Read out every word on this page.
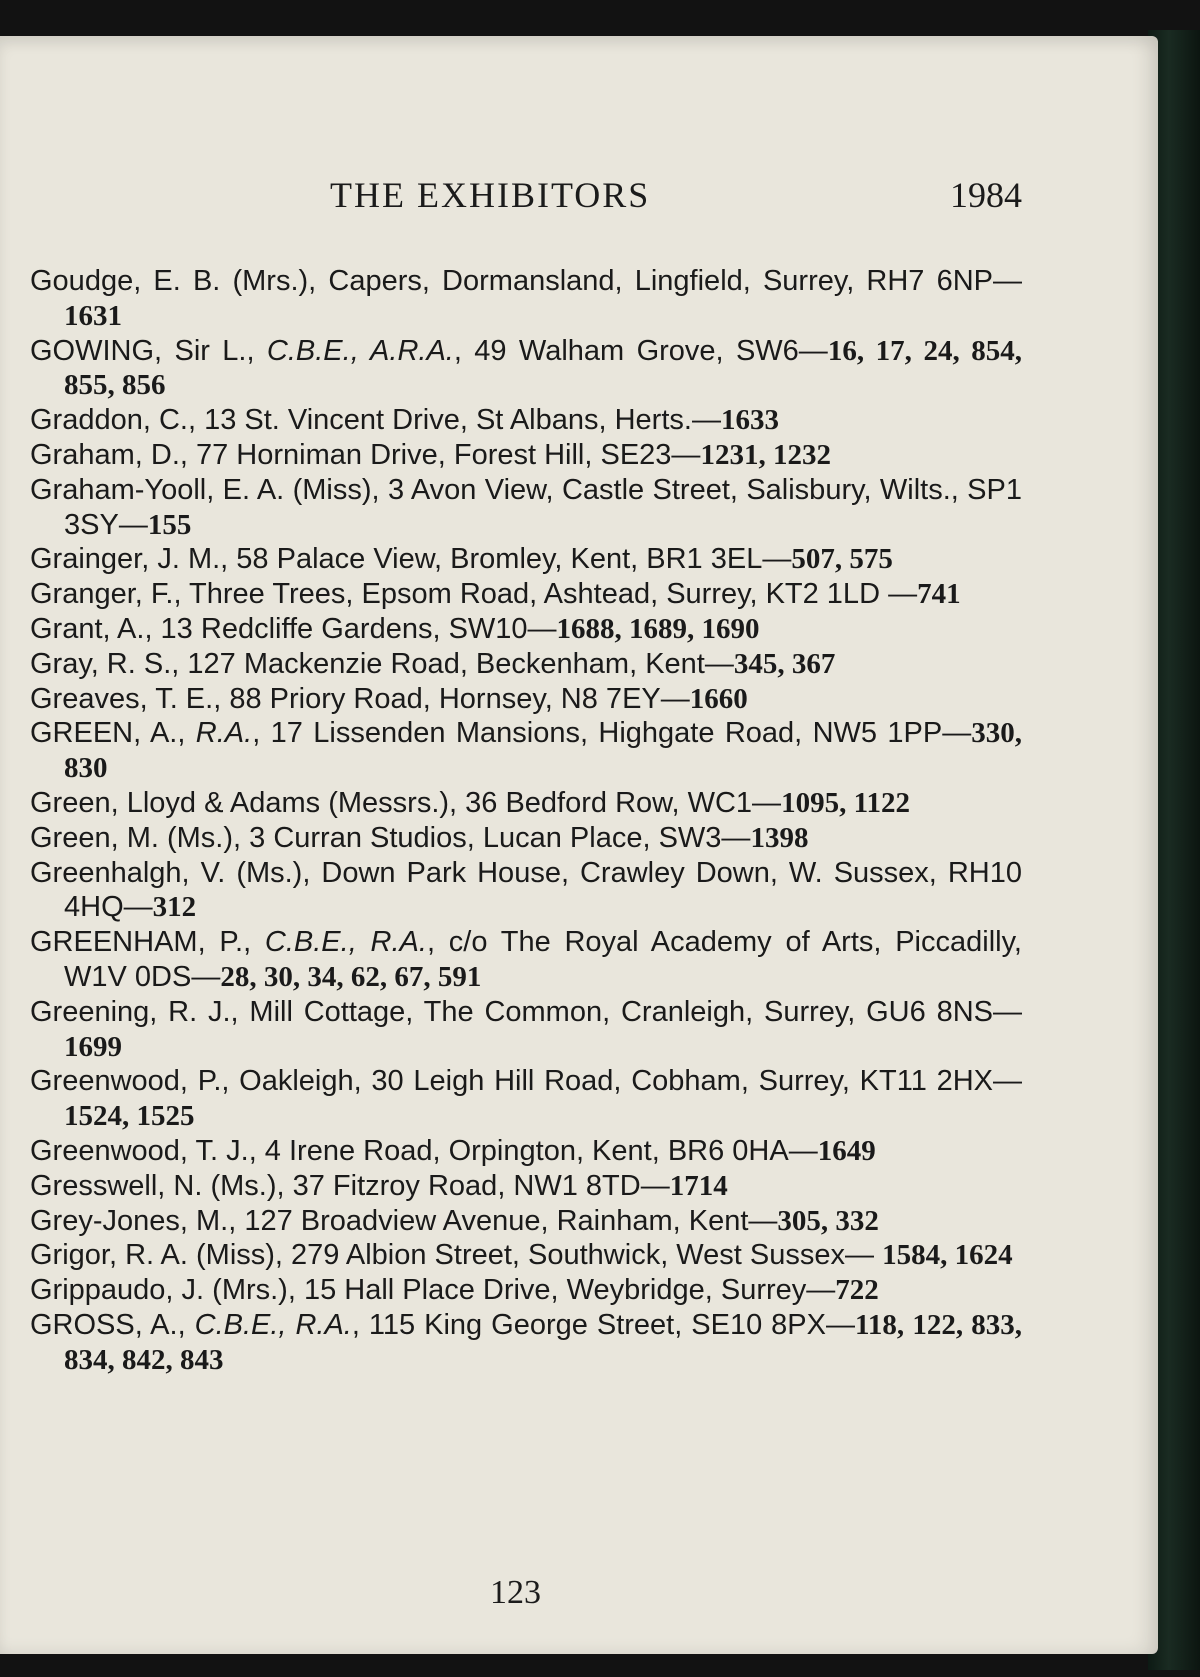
THE EXHIBITORS	1984

Goudge, E. B. (Mrs.), Capers, Dormansland, Lingfield, Surrey, RH7 6NP—1631

GOWING, Sir L., C.B.E., A.R.A., 49 Walham Grove, SW6—16, 17, 24, 854, 855, 856

Graddon, C., 13 St. Vincent Drive, St Albans, Herts.—1633

Graham, D., 77 Horniman Drive, Forest Hill, SE23—1231, 1232

Graham-Yooll, E. A. (Miss), 3 Avon View, Castle Street, Salisbury, Wilts., SP1 3SY—155

Grainger, J. M., 58 Palace View, Bromley, Kent, BR1 3EL—507, 575

Granger, F., Three Trees, Epsom Road, Ashtead, Surrey, KT2 1LD —741

Grant, A., 13 Redcliffe Gardens, SW10—1688, 1689, 1690

Gray, R. S., 127 Mackenzie Road, Beckenham, Kent—345, 367

Greaves, T. E., 88 Priory Road, Hornsey, N8 7EY—1660

GREEN, A., R.A., 17 Lissenden Mansions, Highgate Road, NW5 1PP—330, 830

Green, Lloyd & Adams (Messrs.), 36 Bedford Row, WC1—1095, 1122

Green, M. (Ms.), 3 Curran Studios, Lucan Place, SW3—1398

Greenhalgh, V. (Ms.), Down Park House, Crawley Down, W. Sussex, RH10 4HQ—312

GREENHAM, P., C.B.E., R.A., c/o The Royal Academy of Arts, Piccadilly, W1V 0DS—28, 30, 34, 62, 67, 591

Greening, R. J., Mill Cottage, The Common, Cranleigh, Surrey, GU6 8NS—1699

Greenwood, P., Oakleigh, 30 Leigh Hill Road, Cobham, Surrey, KT11 2HX—1524, 1525

Greenwood, T. J., 4 Irene Road, Orpington, Kent, BR6 0HA—1649

Gresswell, N. (Ms.), 37 Fitzroy Road, NW1 8TD—1714

Grey-Jones, M., 127 Broadview Avenue, Rainham, Kent—305, 332

Grigor, R. A. (Miss), 279 Albion Street, Southwick, West Sussex— 1584, 1624

Grippaudo, J. (Mrs.), 15 Hall Place Drive, Weybridge, Surrey—722

GROSS, A., C.B.E., R.A., 115 King George Street, SE10 8PX—118, 122, 833, 834, 842, 843

123
